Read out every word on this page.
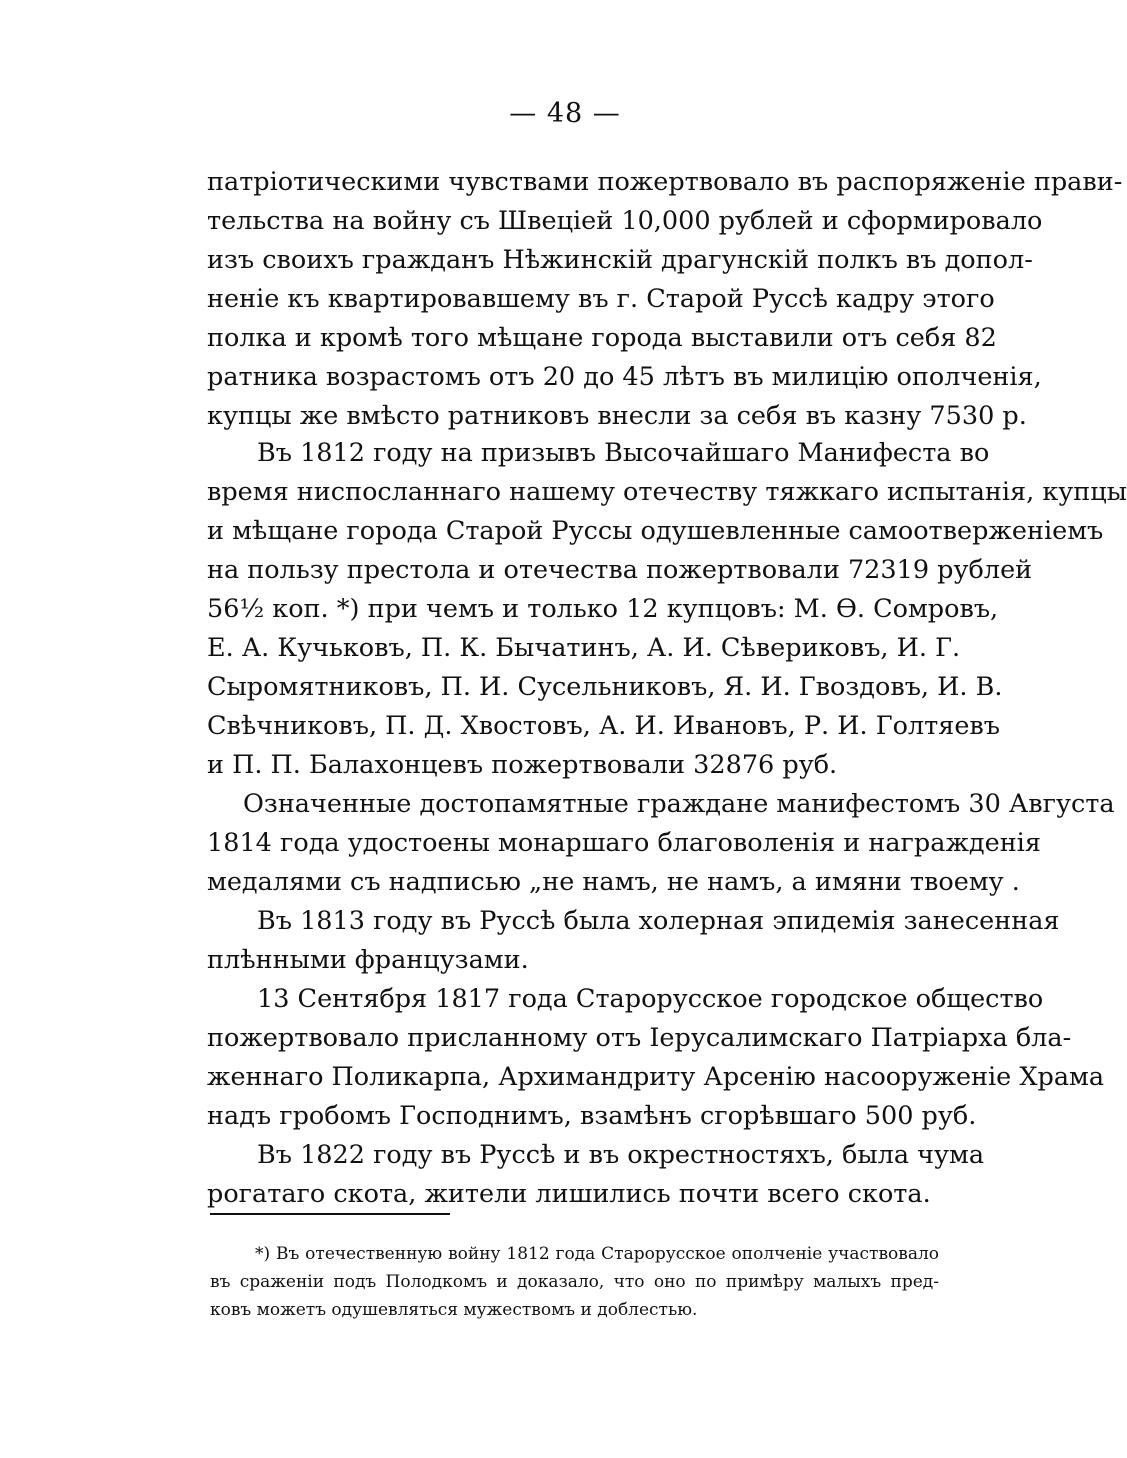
— 48 —
патріотическими чувствами пожертвовало въ распоряженіе прави-
тельства на войну съ Швеціей 10,000 рублей и сформировало
изъ своихъ гражданъ Нѣжинскій драгунскій полкъ въ допол-
неніе къ квартировавшему въ г. Старой Руссѣ кадру этого
полка и кромѣ того мѣщане города выставили отъ себя 82
ратника возрастомъ отъ 20 до 45 лѣтъ въ милицію ополченія,
купцы же вмѣсто ратниковъ внесли за себя въ казну 7530 р.
Въ 1812 году на призывъ Высочайшаго Манифеста во
время ниспосланнаго нашему отечеству тяжкаго испытанія, купцы
и мѣщане города Старой Руссы одушевленные самоотверженіемъ
на пользу престола и отечества пожертвовали 72319 рублей
56½ коп. *) при чемъ и только 12 купцовъ: М. Ѳ. Сомровъ,
Е. А. Кучьковъ, П. К. Бычатинъ, А. И. Сѣвериковъ, И. Г.
Сыромятниковъ, П. И. Сусельниковъ, Я. И. Гвоздовъ, И. В.
Свѣчниковъ, П. Д. Хвостовъ, А. И. Ивановъ, Р. И. Голтяевъ
и П. П. Балахонцевъ пожертвовали 32876 руб.
Означенные достопамятные граждане манифестомъ 30 Августа
1814 года удостоены монаршаго благоволенія и награжденія
медалями съ надписью „не намъ, не намъ, а имяни твоему .
Въ 1813 году въ Руссѣ была холерная эпидемія занесенная
плѣнными французами.
13 Сентября 1817 года Старорусское городское общество
пожертвовало присланному отъ Іерусалимскаго Патріарха бла-
женнаго Поликарпа, Архимандриту Арсенію насооруженіе Храма
надъ гробомъ Господнимъ, взамѣнъ сгорѣвшаго 500 руб.
Въ 1822 году въ Руссѣ и въ окрестностяхъ, была чума
рогатаго скота, жители лишились почти всего скота.
*) Въ отечественную войну 1812 года Старорусское ополченіе участвовало
въ сраженіи подъ Полодкомъ и доказало, что оно по примѣру малыхъ пред-
ковъ можетъ одушевляться мужествомъ и доблестью.
